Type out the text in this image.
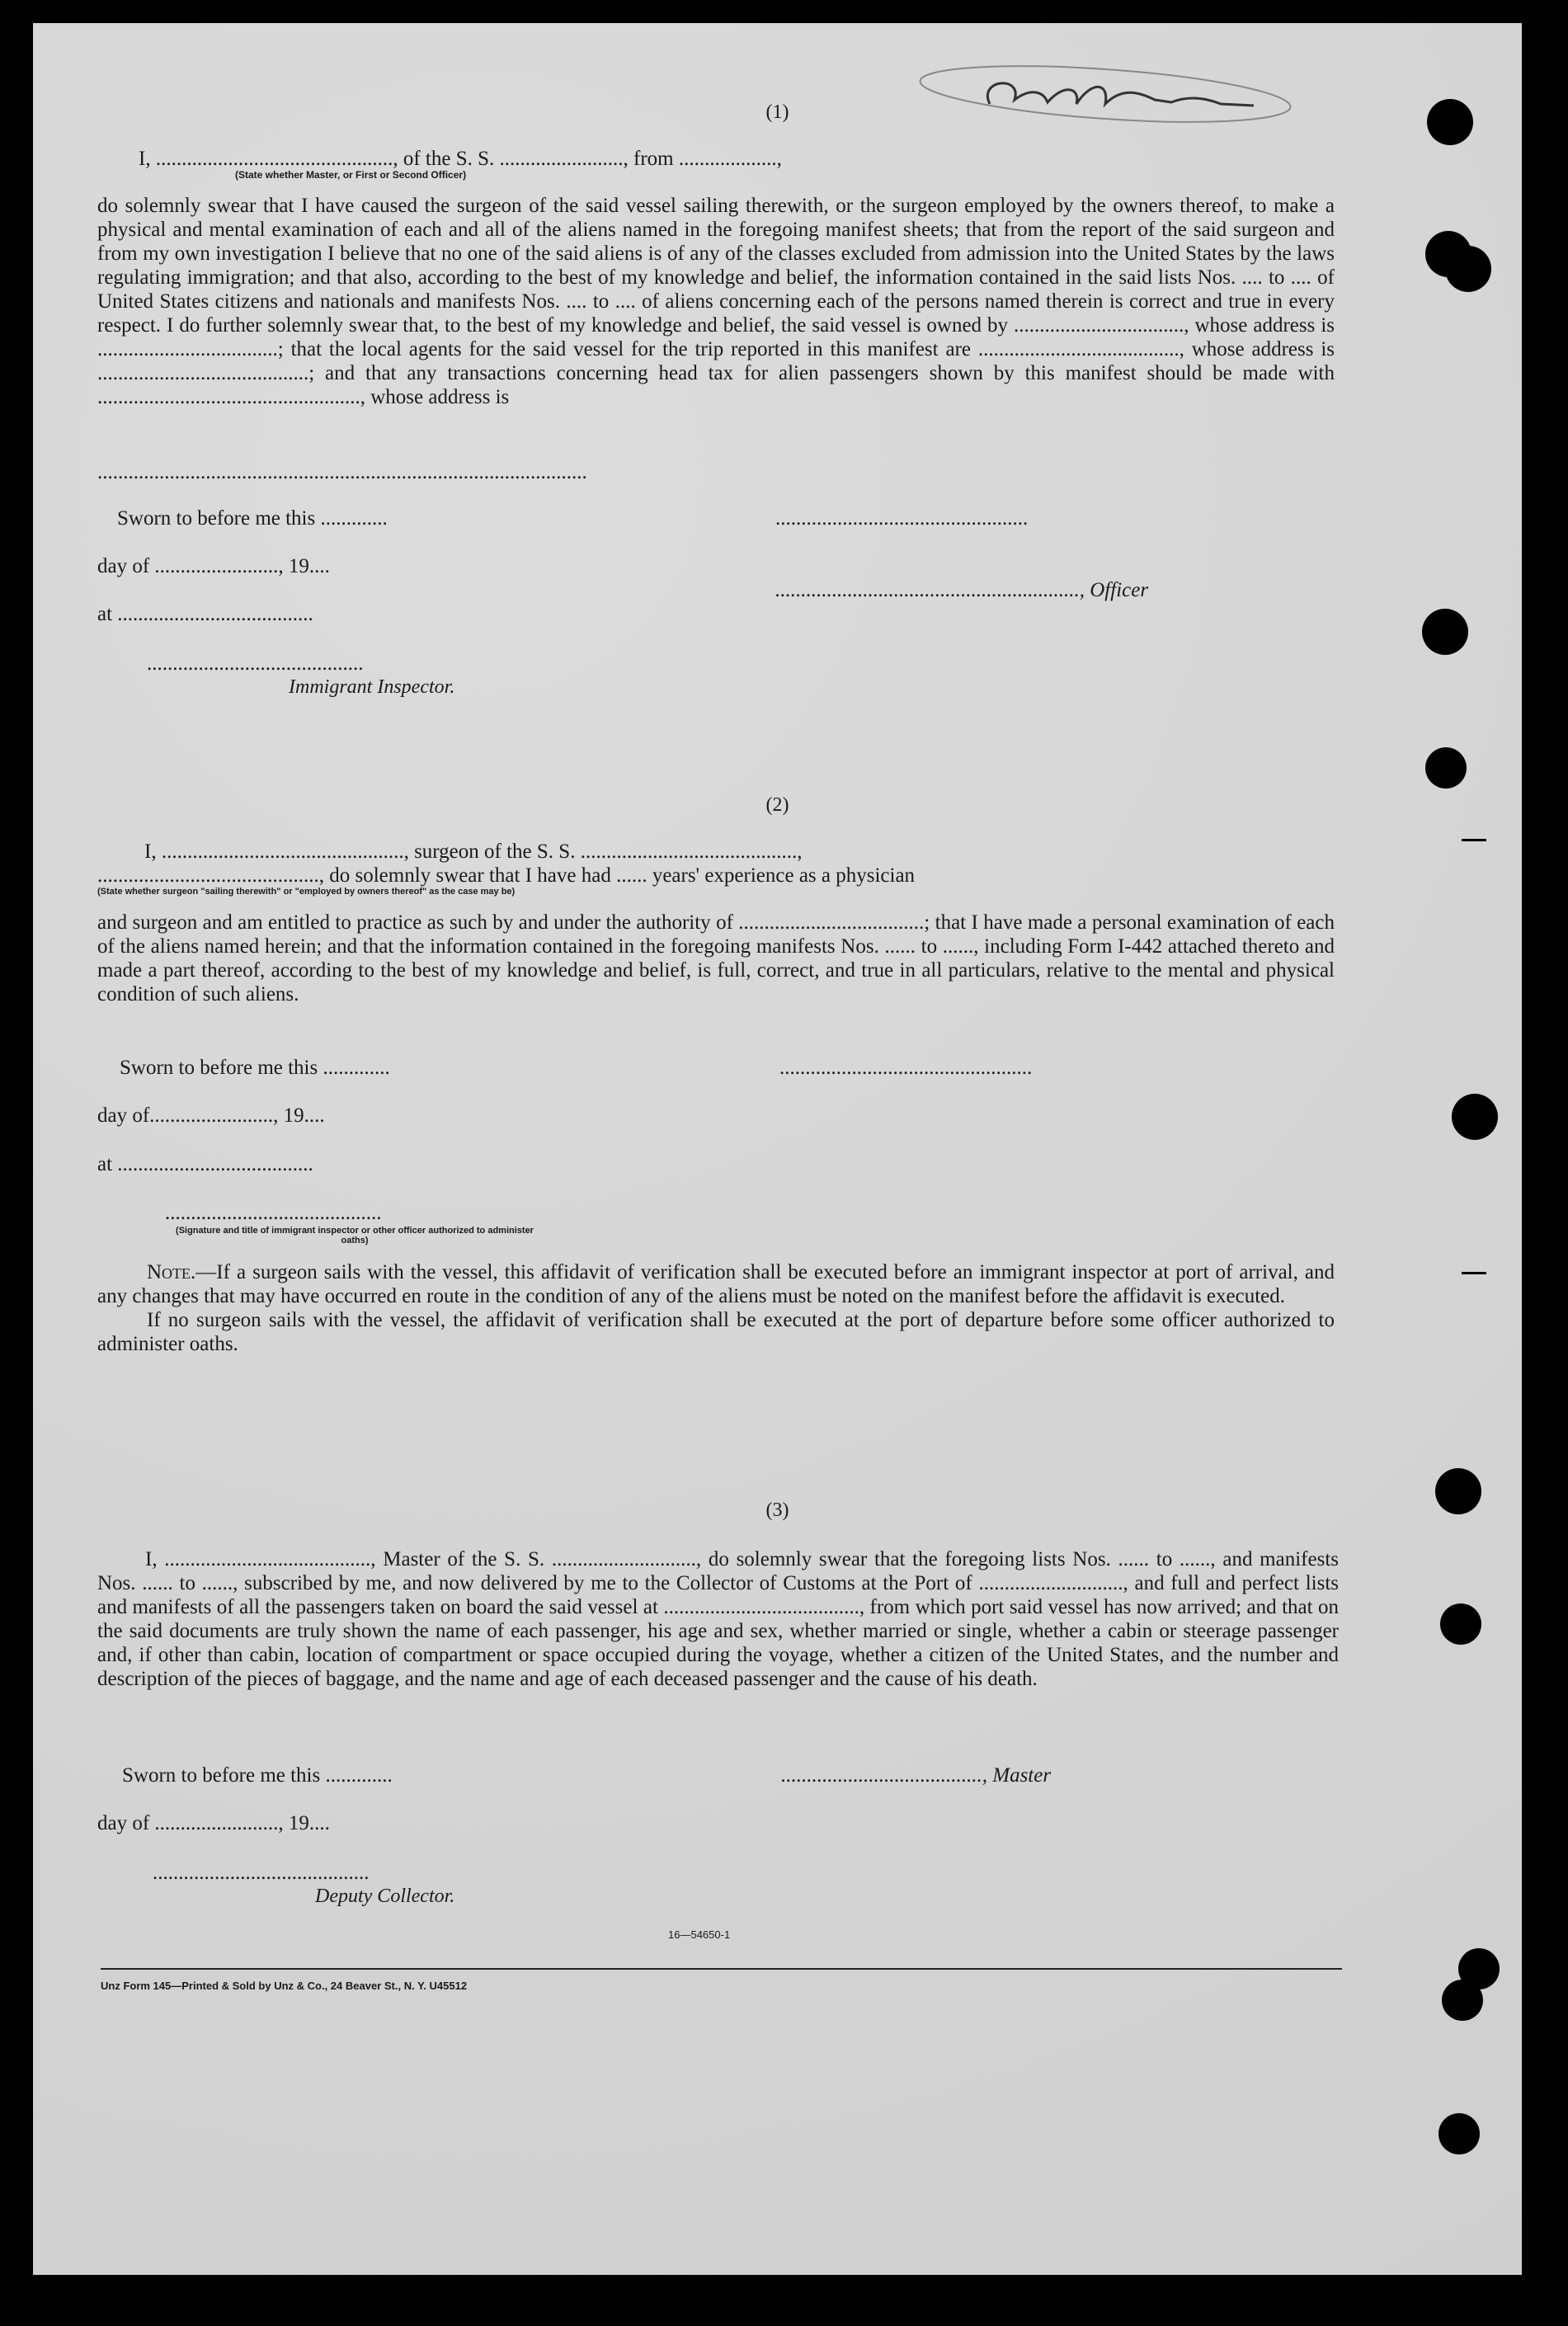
Castelgrano
(1)
I, .............................................., of the S. S. ........................, from ...................,
(State whether Master, or First or Second Officer)

do solemnly swear that I have caused the surgeon of the said vessel sailing therewith, or the surgeon employed by the owners thereof, to make a physical and mental examination of each and all of the aliens named in the foregoing manifest sheets; that from the report of the said surgeon and from my own investigation I believe that no one of the said aliens is of any of the classes excluded from admission into the United States by the laws regulating immigration; and that also, according to the best of my knowledge and belief, the information contained in the said lists Nos. .... to .... of United States citizens and nationals and manifests Nos. .... to .... of aliens concerning each of the persons named therein is correct and true in every respect. I do further solemnly swear that, to the best of my knowledge and belief, the said vessel is owned by ................................., whose address is ...................................; that the local agents for the said vessel for the trip reported in this manifest are ......................................., whose address is .........................................; and that any transactions concerning head tax for alien passengers shown by this manifest should be made with ..................................................., whose address is

...............................................................................................
Sworn to before me this .............	.................................................
day of ........................, 19....
..........................................................., Officer
at ......................................
..........................................
Immigrant Inspector.
(2)
I, ..............................................., surgeon of the S. S. ..........................................,
..........................................., do solemnly swear that I have had ...... years' experience as a physician
(State whether surgeon "sailing therewith" or "employed by owners thereof" as the case may be)

and surgeon and am entitled to practice as such by and under the authority of ....................................; that I have made a personal examination of each of the aliens named herein; and that the information contained in the foregoing manifests Nos. ...... to ......, including Form I-442 attached thereto and made a part thereof, according to the best of my knowledge and belief, is full, correct, and true in all particulars, relative to the mental and physical condition of such aliens.

Sworn to before me this .............	.................................................
day of........................, 19....
at ......................................
..........................................
(Signature and title of immigrant inspector or other officer authorized to administer oaths)

Note.—If a surgeon sails with the vessel, this affidavit of verification shall be executed before an immigrant inspector at port of arrival, and any changes that may have occurred en route in the condition of any of the aliens must be noted on the manifest before the affidavit is executed.

If no surgeon sails with the vessel, the affidavit of verification shall be executed at the port of departure before some officer authorized to administer oaths.

(3)

I, ........................................, Master of the S. S. ............................, do solemnly swear that the foregoing lists Nos. ...... to ......, and manifests Nos. ...... to ......, subscribed by me, and now delivered by me to the Collector of Customs at the Port of ............................, and full and perfect lists and manifests of all the passengers taken on board the said vessel at ......................................, from which port said vessel has now arrived; and that on the said documents are truly shown the name of each passenger, his age and sex, whether married or single, whether a cabin or steerage passenger and, if other than cabin, location of compartment or space occupied during the voyage, whether a citizen of the United States, and the number and description of the pieces of baggage, and the name and age of each deceased passenger and the cause of his death.

Sworn to before me this .............	......................................., Master
day of ........................, 19....
..........................................
Deputy Collector.
16—54650-1
Unz Form 145—Printed & Sold by Unz & Co., 24 Beaver St., N. Y. U45512
